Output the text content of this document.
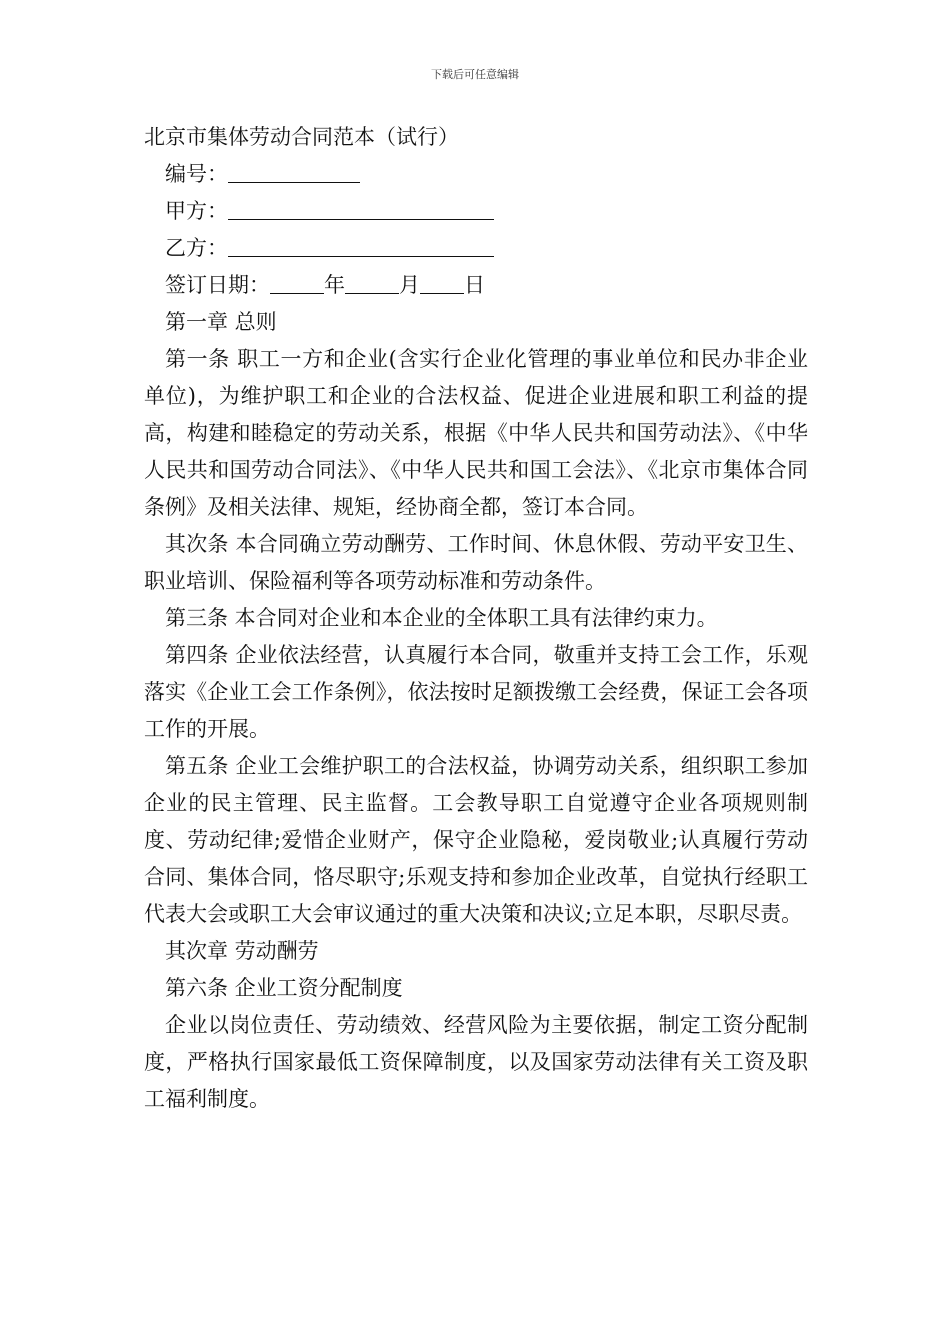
下载后可任意编辑

北京市集体劳动合同范本（试行）

编号：

甲方：

乙方：

签订日期：	年	月 日

第一章 总则

第一条 职工一方和企业(含实行企业化管理的事业单位和民办非企业单位)，为维护职工和企业的合法权益、促进企业进展和职工利益的提高，构建和睦稳定的劳动关系，根据《中华人民共和国劳动法》、《中华人民共和国劳动合同法》、《中华人民共和国工会法》、《北京市集体合同条例》及相关法律、规矩，经协商全都，签订本合同。

其次条 本合同确立劳动酬劳、工作时间、休息休假、劳动平安卫生、职业培训、保险福利等各项劳动标准和劳动条件。

第三条 本合同对企业和本企业的全体职工具有法律约束力。

第四条 企业依法经营，认真履行本合同，敬重并支持工会工作，乐观落实《企业工会工作条例》，依法按时足额拨缴工会经费，保证工会各项工作的开展。

第五条 企业工会维护职工的合法权益，协调劳动关系，组织职工参加企业的民主管理、民主监督。工会教导职工自觉遵守企业各项规则制度、劳动纪律;爱惜企业财产，保守企业隐秘，爱岗敬业;认真履行劳动合同、集体合同，恪尽职守;乐观支持和参加企业改革，自觉执行经职工代表大会或职工大会审议通过的重大决策和决议;立足本职，尽职尽责。

其次章 劳动酬劳

第六条 企业工资分配制度

企业以岗位责任、劳动绩效、经营风险为主要依据，制定工资分配制度，严格执行国家最低工资保障制度，以及国家劳动法律有关工资及职工福利制度。
